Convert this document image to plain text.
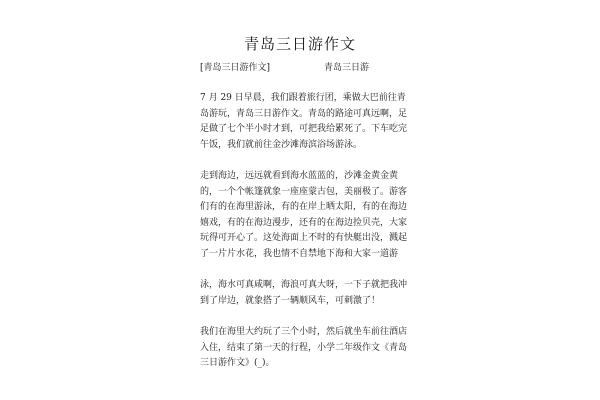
青岛三日游作文
[青岛三日游作文]	青岛三日游

7 月 29 日早晨，我们跟着旅行团，乘做大巴前往青岛游玩，青岛三日游作文。青岛的路途可真远啊，足足做了七个半小时才到，可把我给累死了。下车吃完午饭，我们就前往金沙滩海滨浴场游泳。

走到海边，远远就看到海水蓝蓝的，沙滩金黄金黄的，一个个帐篷就象一座座蒙古包，美丽极了。游客们有的在海里游泳，有的在岸上晒太阳，有的在海边嬉戏，有的在海边漫步，还有的在海边捡贝壳，大家玩得可开心了。这处海面上不时的有快艇出没，溅起了一片片水花，我也情不自禁地下海和大家一道游

泳，海水可真咸啊，海浪可真大呀，一下子就把我冲到了岸边，就象搭了一辆顺风车，可刺激了！

我们在海里大约玩了三个小时，然后就坐车前往酒店入住，结束了第一天的行程，小学二年级作文《青岛三日游作文》(_)。
